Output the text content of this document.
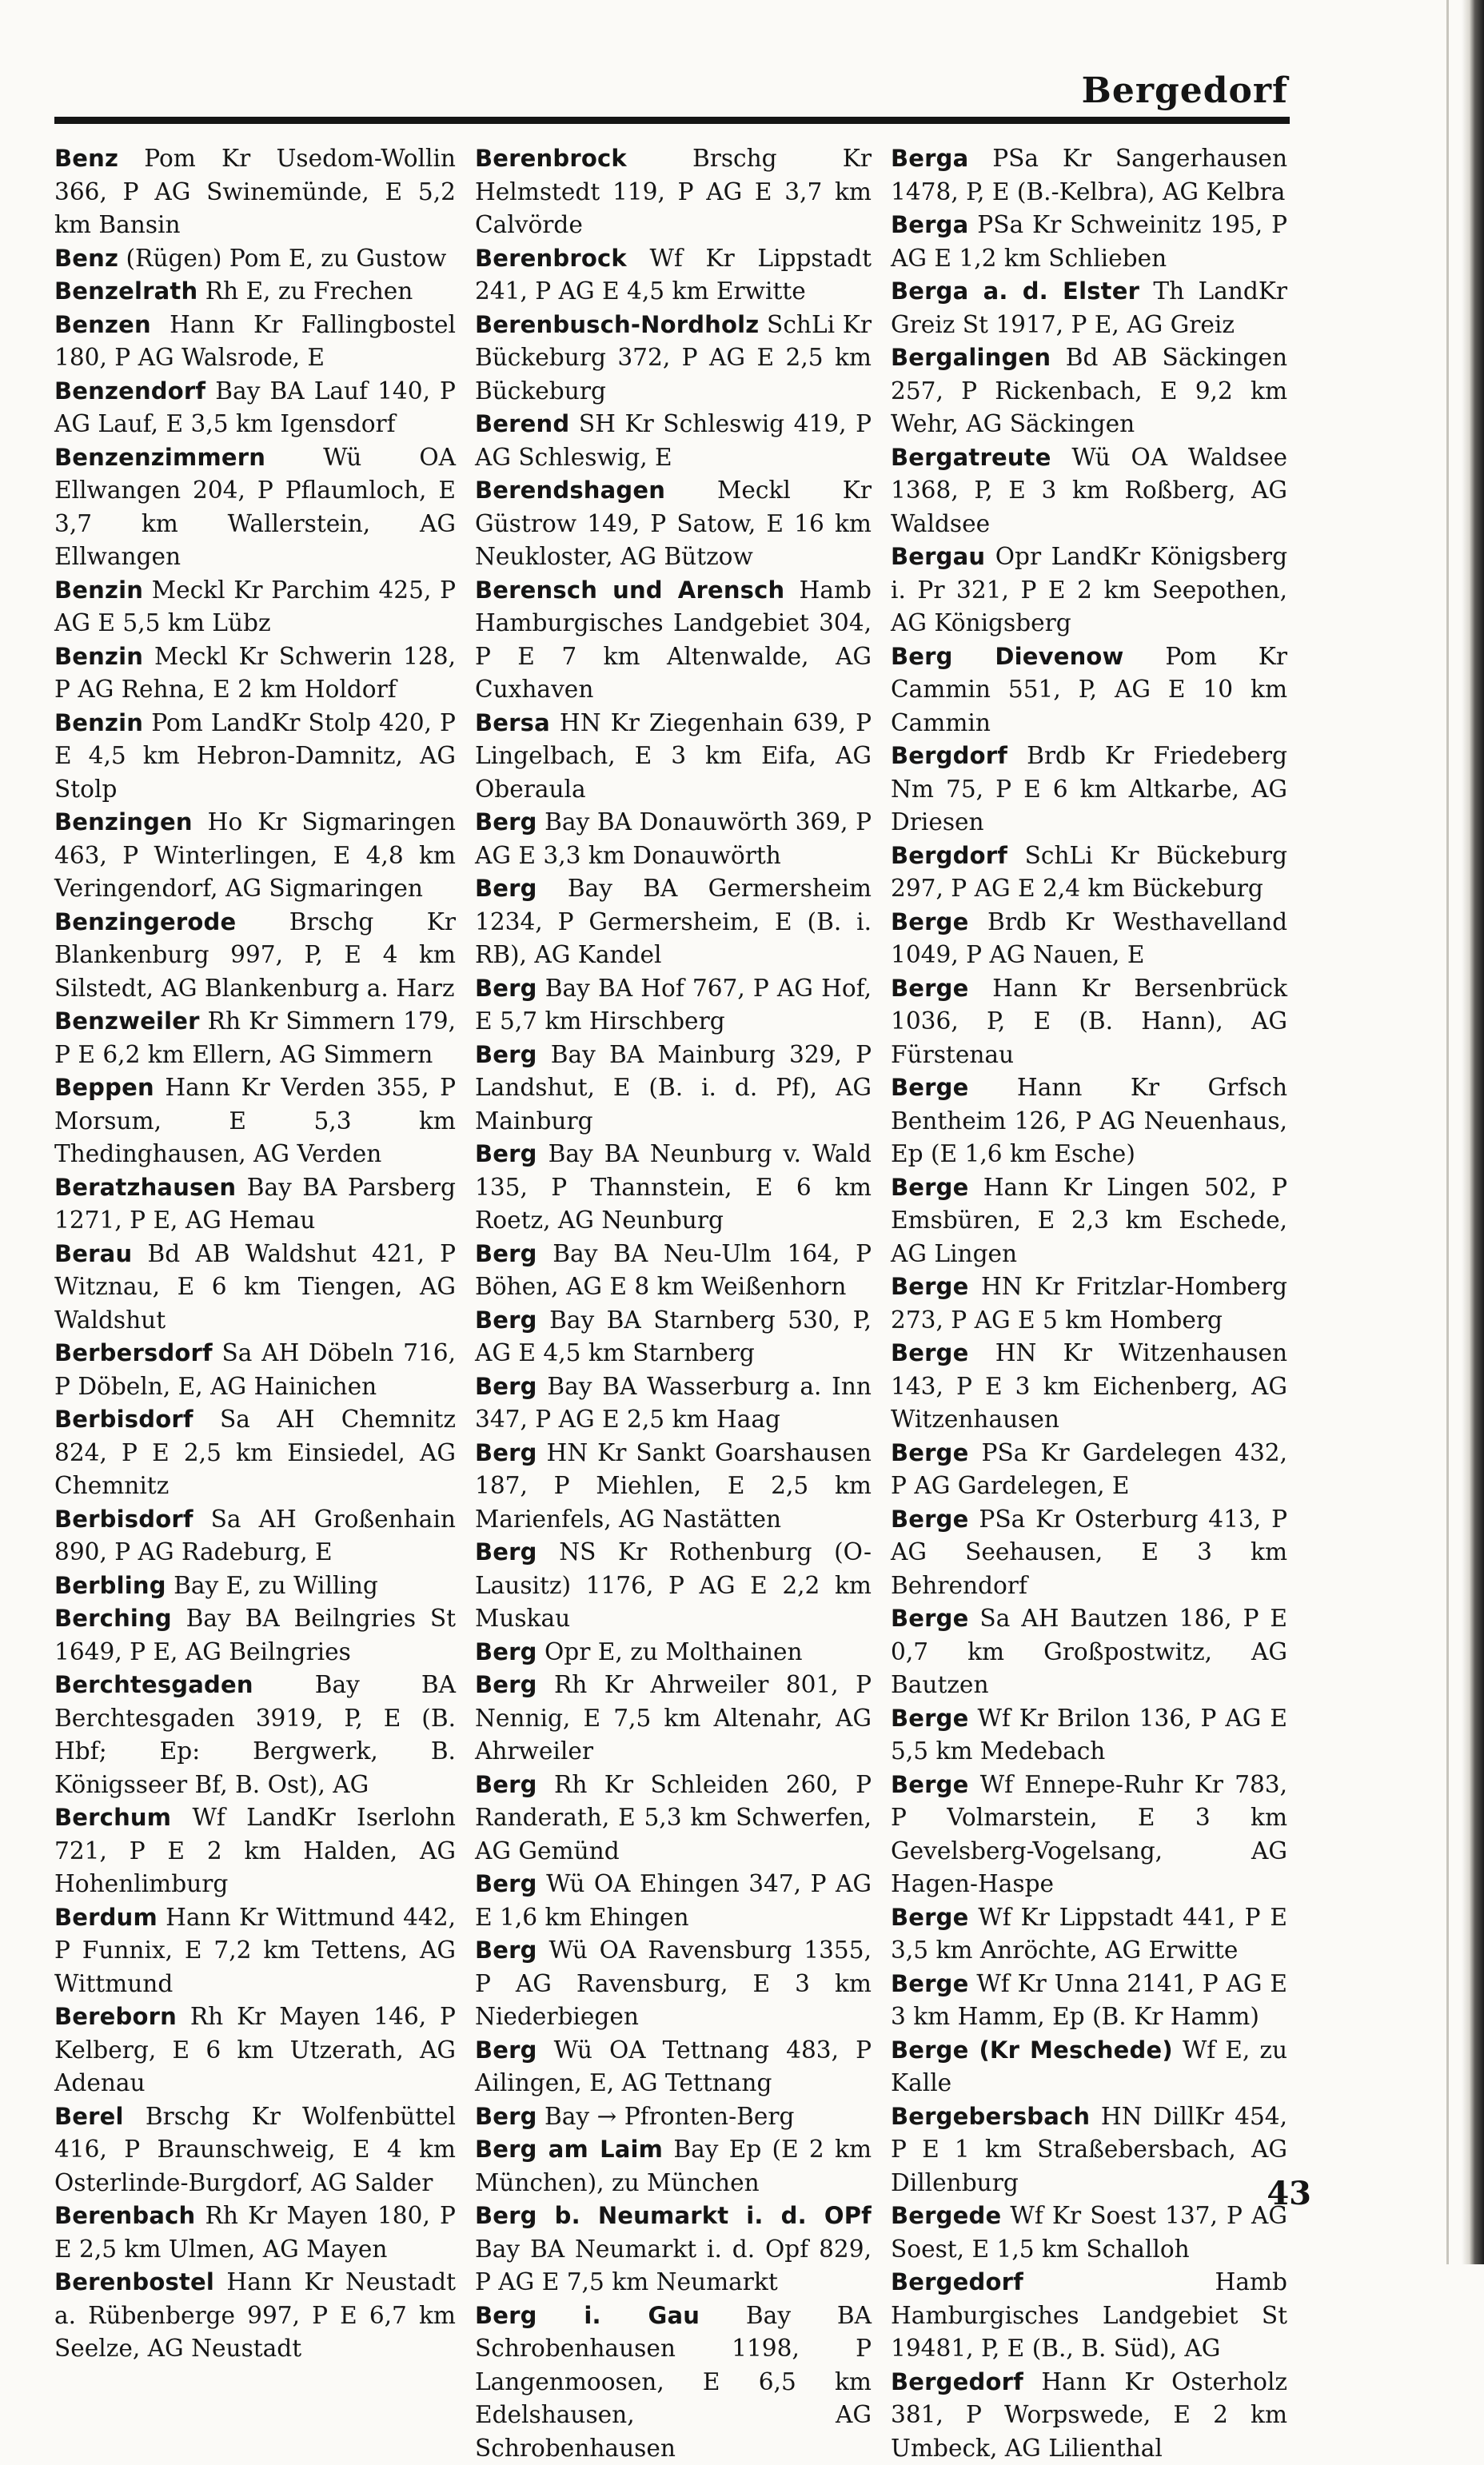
Bergedorf

Benz Pom Kr Usedom-Wollin 366, P AG Swinemünde, E 5,2 km Bansin

Benz (Rügen) Pom E, zu Gustow

Benzelrath Rh E, zu Frechen

Benzen Hann Kr Fallingbostel 180, P AG Walsrode, E

Benzendorf Bay BA Lauf 140, P AG Lauf, E 3,5 km Igensdorf

Benzenzimmern Wü OA Ellwangen 204, P Pflaumloch, E 3,7 km Wallerstein, AG Ellwangen

Benzin Meckl Kr Parchim 425, P AG E 5,5 km Lübz

Benzin Meckl Kr Schwerin 128, P AG Rehna, E 2 km Holdorf

Benzin Pom LandKr Stolp 420, P E 4,5 km Hebron-Damnitz, AG Stolp

Benzingen Ho Kr Sigmaringen 463, P Winterlingen, E 4,8 km Veringendorf, AG Sigmaringen

Benzingerode Brschg Kr Blankenburg 997, P, E 4 km Silstedt, AG Blankenburg a. Harz

Benzweiler Rh Kr Simmern 179, P E 6,2 km Ellern, AG Simmern

Beppen Hann Kr Verden 355, P Morsum, E 5,3 km Thedinghausen, AG Verden

Beratzhausen Bay BA Parsberg 1271, P E, AG Hemau

Berau Bd AB Waldshut 421, P Witznau, E 6 km Tiengen, AG Waldshut

Berbersdorf Sa AH Döbeln 716, P Döbeln, E, AG Hainichen

Berbisdorf Sa AH Chemnitz 824, P E 2,5 km Einsiedel, AG Chemnitz

Berbisdorf Sa AH Großenhain 890, P AG Radeburg, E

Berbling Bay E, zu Willing

Berching Bay BA Beilngries St 1649, P E, AG Beilngries

Berchtesgaden Bay BA Berchtesgaden 3919, P, E (B. Hbf; Ep: Bergwerk, B. Königsseer Bf, B. Ost), AG

Berchum Wf LandKr Iserlohn 721, P E 2 km Halden, AG Hohenlimburg

Berdum Hann Kr Wittmund 442, P Funnix, E 7,2 km Tettens, AG Wittmund

Bereborn Rh Kr Mayen 146, P Kelberg, E 6 km Utzerath, AG Adenau

Berel Brschg Kr Wolfenbüttel 416, P Braunschweig, E 4 km Osterlinde-Burgdorf, AG Salder

Berenbach Rh Kr Mayen 180, P E 2,5 km Ulmen, AG Mayen

Berenbostel Hann Kr Neustadt a. Rübenberge 997, P E 6,7 km Seelze, AG Neustadt

Berenbrock Brschg Kr Helmstedt 119, P AG E 3,7 km Calvörde

Berenbrock Wf Kr Lippstadt 241, P AG E 4,5 km Erwitte

Berenbusch-Nordholz SchLi Kr Bückeburg 372, P AG E 2,5 km Bückeburg

Berend SH Kr Schleswig 419, P AG Schleswig, E

Berendshagen Meckl Kr Güstrow 149, P Satow, E 16 km Neukloster, AG Bützow

Berensch und Arensch Hamb Hamburgisches Landgebiet 304, P E 7 km Altenwalde, AG Cuxhaven

Bersa HN Kr Ziegenhain 639, P Lingelbach, E 3 km Eifa, AG Oberaula

Berg Bay BA Donauwörth 369, P AG E 3,3 km Donauwörth

Berg Bay BA Germersheim 1234, P Germersheim, E (B. i. RB), AG Kandel

Berg Bay BA Hof 767, P AG Hof, E 5,7 km Hirschberg

Berg Bay BA Mainburg 329, P Landshut, E (B. i. d. Pf), AG Mainburg

Berg Bay BA Neunburg v. Wald 135, P Thannstein, E 6 km Roetz, AG Neunburg

Berg Bay BA Neu-Ulm 164, P Böhen, AG E 8 km Weißenhorn

Berg Bay BA Starnberg 530, P, AG E 4,5 km Starnberg

Berg Bay BA Wasserburg a. Inn 347, P AG E 2,5 km Haag

Berg HN Kr Sankt Goarshausen 187, P Miehlen, E 2,5 km Marienfels, AG Nastätten

Berg NS Kr Rothenburg (O-Lausitz) 1176, P AG E 2,2 km Muskau

Berg Opr E, zu Molthainen

Berg Rh Kr Ahrweiler 801, P Nennig, E 7,5 km Altenahr, AG Ahrweiler

Berg Rh Kr Schleiden 260, P Randerath, E 5,3 km Schwerfen, AG Gemünd

Berg Wü OA Ehingen 347, P AG E 1,6 km Ehingen

Berg Wü OA Ravensburg 1355, P AG Ravensburg, E 3 km Niederbiegen

Berg Wü OA Tettnang 483, P Ailingen, E, AG Tettnang

Berg Bay → Pfronten-Berg

Berg am Laim Bay Ep (E 2 km München), zu München

Berg b. Neumarkt i. d. OPf Bay BA Neumarkt i. d. Opf 829, P AG E 7,5 km Neumarkt

Berg i. Gau Bay BA Schrobenhausen 1198, P Langenmoosen, E 6,5 km Edelshausen, AG Schrobenhausen

Berga PSa Kr Sangerhausen 1478, P, E (B.-Kelbra), AG Kelbra

Berga PSa Kr Schweinitz 195, P AG E 1,2 km Schlieben

Berga a. d. Elster Th LandKr Greiz St 1917, P E, AG Greiz

Bergalingen Bd AB Säckingen 257, P Rickenbach, E 9,2 km Wehr, AG Säckingen

Bergatreute Wü OA Waldsee 1368, P, E 3 km Roßberg, AG Waldsee

Bergau Opr LandKr Königsberg i. Pr 321, P E 2 km Seepothen, AG Königsberg

Berg Dievenow Pom Kr Cammin 551, P, AG E 10 km Cammin

Bergdorf Brdb Kr Friedeberg Nm 75, P E 6 km Altkarbe, AG Driesen

Bergdorf SchLi Kr Bückeburg 297, P AG E 2,4 km Bückeburg

Berge Brdb Kr Westhavelland 1049, P AG Nauen, E

Berge Hann Kr Bersenbrück 1036, P, E (B. Hann), AG Fürstenau

Berge Hann Kr Grfsch Bentheim 126, P AG Neuenhaus, Ep (E 1,6 km Esche)

Berge Hann Kr Lingen 502, P Emsbüren, E 2,3 km Eschede, AG Lingen

Berge HN Kr Fritzlar-Homberg 273, P AG E 5 km Homberg

Berge HN Kr Witzenhausen 143, P E 3 km Eichenberg, AG Witzenhausen

Berge PSa Kr Gardelegen 432, P AG Gardelegen, E

Berge PSa Kr Osterburg 413, P AG Seehausen, E 3 km Behrendorf

Berge Sa AH Bautzen 186, P E 0,7 km Großpostwitz, AG Bautzen

Berge Wf Kr Brilon 136, P AG E 5,5 km Medebach

Berge Wf Ennepe-Ruhr Kr 783, P Volmarstein, E 3 km Gevelsberg-Vogelsang, AG Hagen-Haspe

Berge Wf Kr Lippstadt 441, P E 3,5 km Anröchte, AG Erwitte

Berge Wf Kr Unna 2141, P AG E 3 km Hamm, Ep (B. Kr Hamm)

Berge (Kr Meschede) Wf E, zu Kalle

Bergebersbach HN DillKr 454, P E 1 km Straßebersbach, AG Dillenburg

Bergede Wf Kr Soest 137, P AG Soest, E 1,5 km Schalloh

Bergedorf Hamb Hamburgisches Landgebiet St 19481, P, E (B., B. Süd), AG

Bergedorf Hann Kr Osterholz 381, P Worpswede, E 2 km Umbeck, AG Lilienthal

43
